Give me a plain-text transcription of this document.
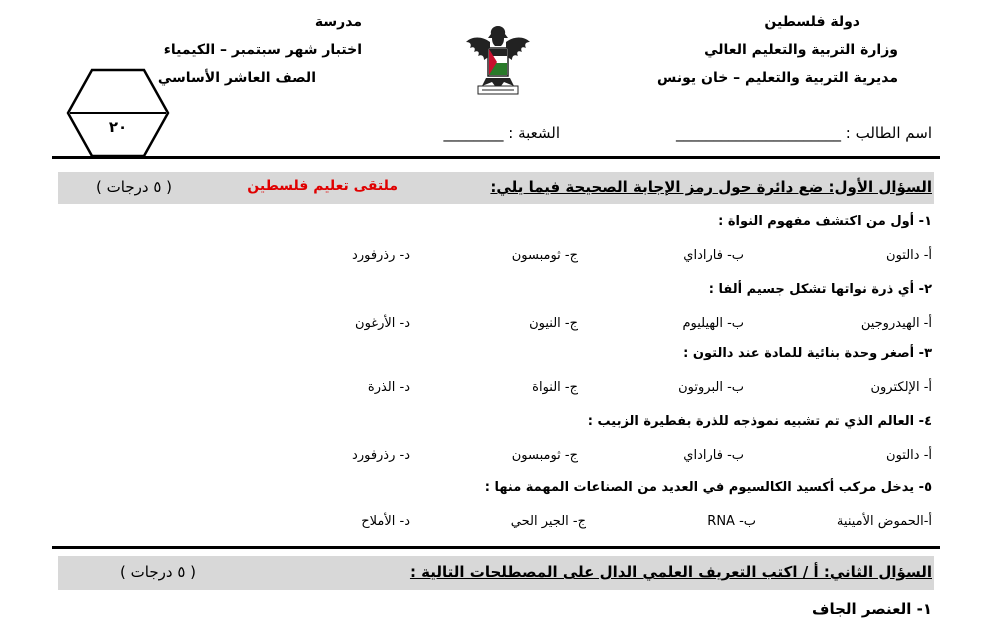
دولة فلسطين
وزارة التربية والتعليم العالي
مديرية التربية والتعليم – خان يونس
مدرسة
اختبار شهر سبتمبر – الكيمياء
الصف العاشر الأساسي
٢٠	اسم الطالب : ______________________
الشعبة : ________
السؤال الأول: ضع دائرة حول رمز الإجابة الصحيحة فيما يلي:
ملتقى تعليم فلسطين
( ٥ درجات )
١- أول من اكتشف مفهوم النواة :
أ- دالتون
ب- فاراداي
ج- ثومبسون
د- رذرفورد
٢- أي ذرة نواتها تشكل جسيم ألفا :
أ- الهيدروجين
ب- الهيليوم
ج- النيون
د- الأرغون
٣- أصغر وحدة بنائية للمادة عند دالتون :
أ- الإلكترون
ب- البروتون
ج- النواة
د- الذرة
٤- العالم الذي تم تشبيه نموذجه للذرة بفطيرة الزبيب :
أ- دالتون
ب- فاراداي
ج- ثومبسون
د- رذرفورد
٥- يدخل مركب أكسيد الكالسيوم في العديد من الصناعات المهمة منها :
أ-الحموض الأمينية
ب- RNA
ج- الجير الحي
د- الأملاح
السؤال الثاني: أ / اكتب التعريف العلمي الدال على المصطلحات التالية :
( ٥ درجات )
١- العنصر الجاف
